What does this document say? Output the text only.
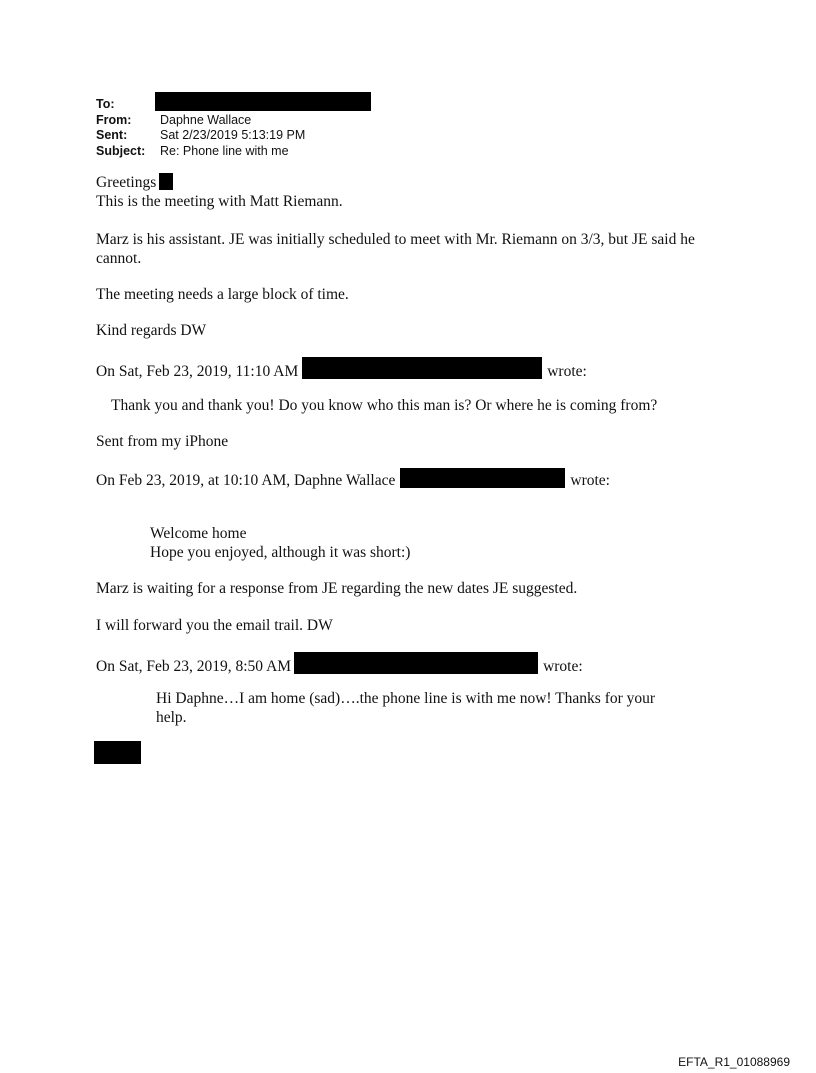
To:
From:	Daphne Wallace
Sent:	Sat 2/23/2019 5:13:19 PM
Subject:	Re: Phone line with me
Greetings
This is the meeting with Matt Riemann.
Marz is his assistant. JE was initially scheduled to meet with Mr. Riemann on 3/3, but JE said he cannot.
The meeting needs a large block of time.
Kind regards DW
On Sat, Feb 23, 2019, 11:10 AM	wrote:
Thank you and thank you! Do you know who this man is? Or where he is coming from?
Sent from my iPhone
On Feb 23, 2019, at 10:10 AM, Daphne Wallace	wrote:
Welcome home
Hope you enjoyed, although it was short:)
Marz is waiting for a response from JE regarding the new dates JE suggested.
I will forward you the email trail. DW
On Sat, Feb 23, 2019, 8:50 AM	wrote:
Hi Daphne…I am home (sad)….the phone line is with me now! Thanks for your help.
EFTA_R1_01088969
